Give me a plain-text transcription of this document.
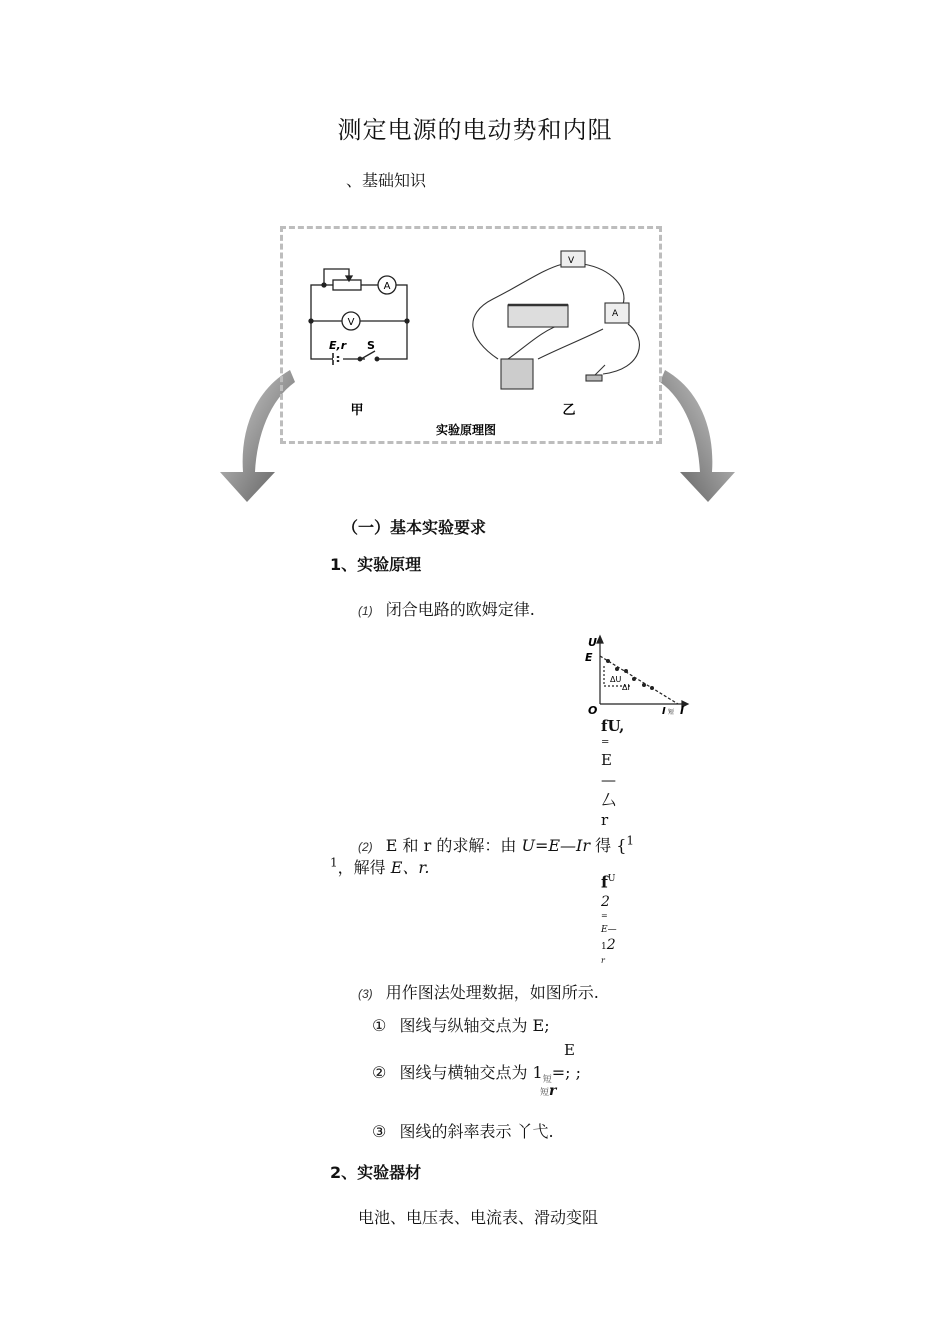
测定电源的电动势和内阻
、基础知识
A
V
E,r S
V
A
甲	乙
实验原理图
（一）基本实验要求
1、实验原理
(1) 闭合电路的欧姆定律.
U
E
O
ΔU
ΔI
I 短 I
fU,
=
E
—
厶
r
(2) E 和 r 的求解：由 U=E—Ir 得 {$^1$
$^1$，解得 E、r.
$f^U$
2
=
E—
12
r
(3) 用作图法处理数据，如图所示.
① 图线与纵轴交点为 E;
E
② 图线与横轴交点为 $1_短=$; ;
短r
③ 图线的斜率表示 丫弋.
2、实验器材
电池、电压表、电流表、滑动变阻
